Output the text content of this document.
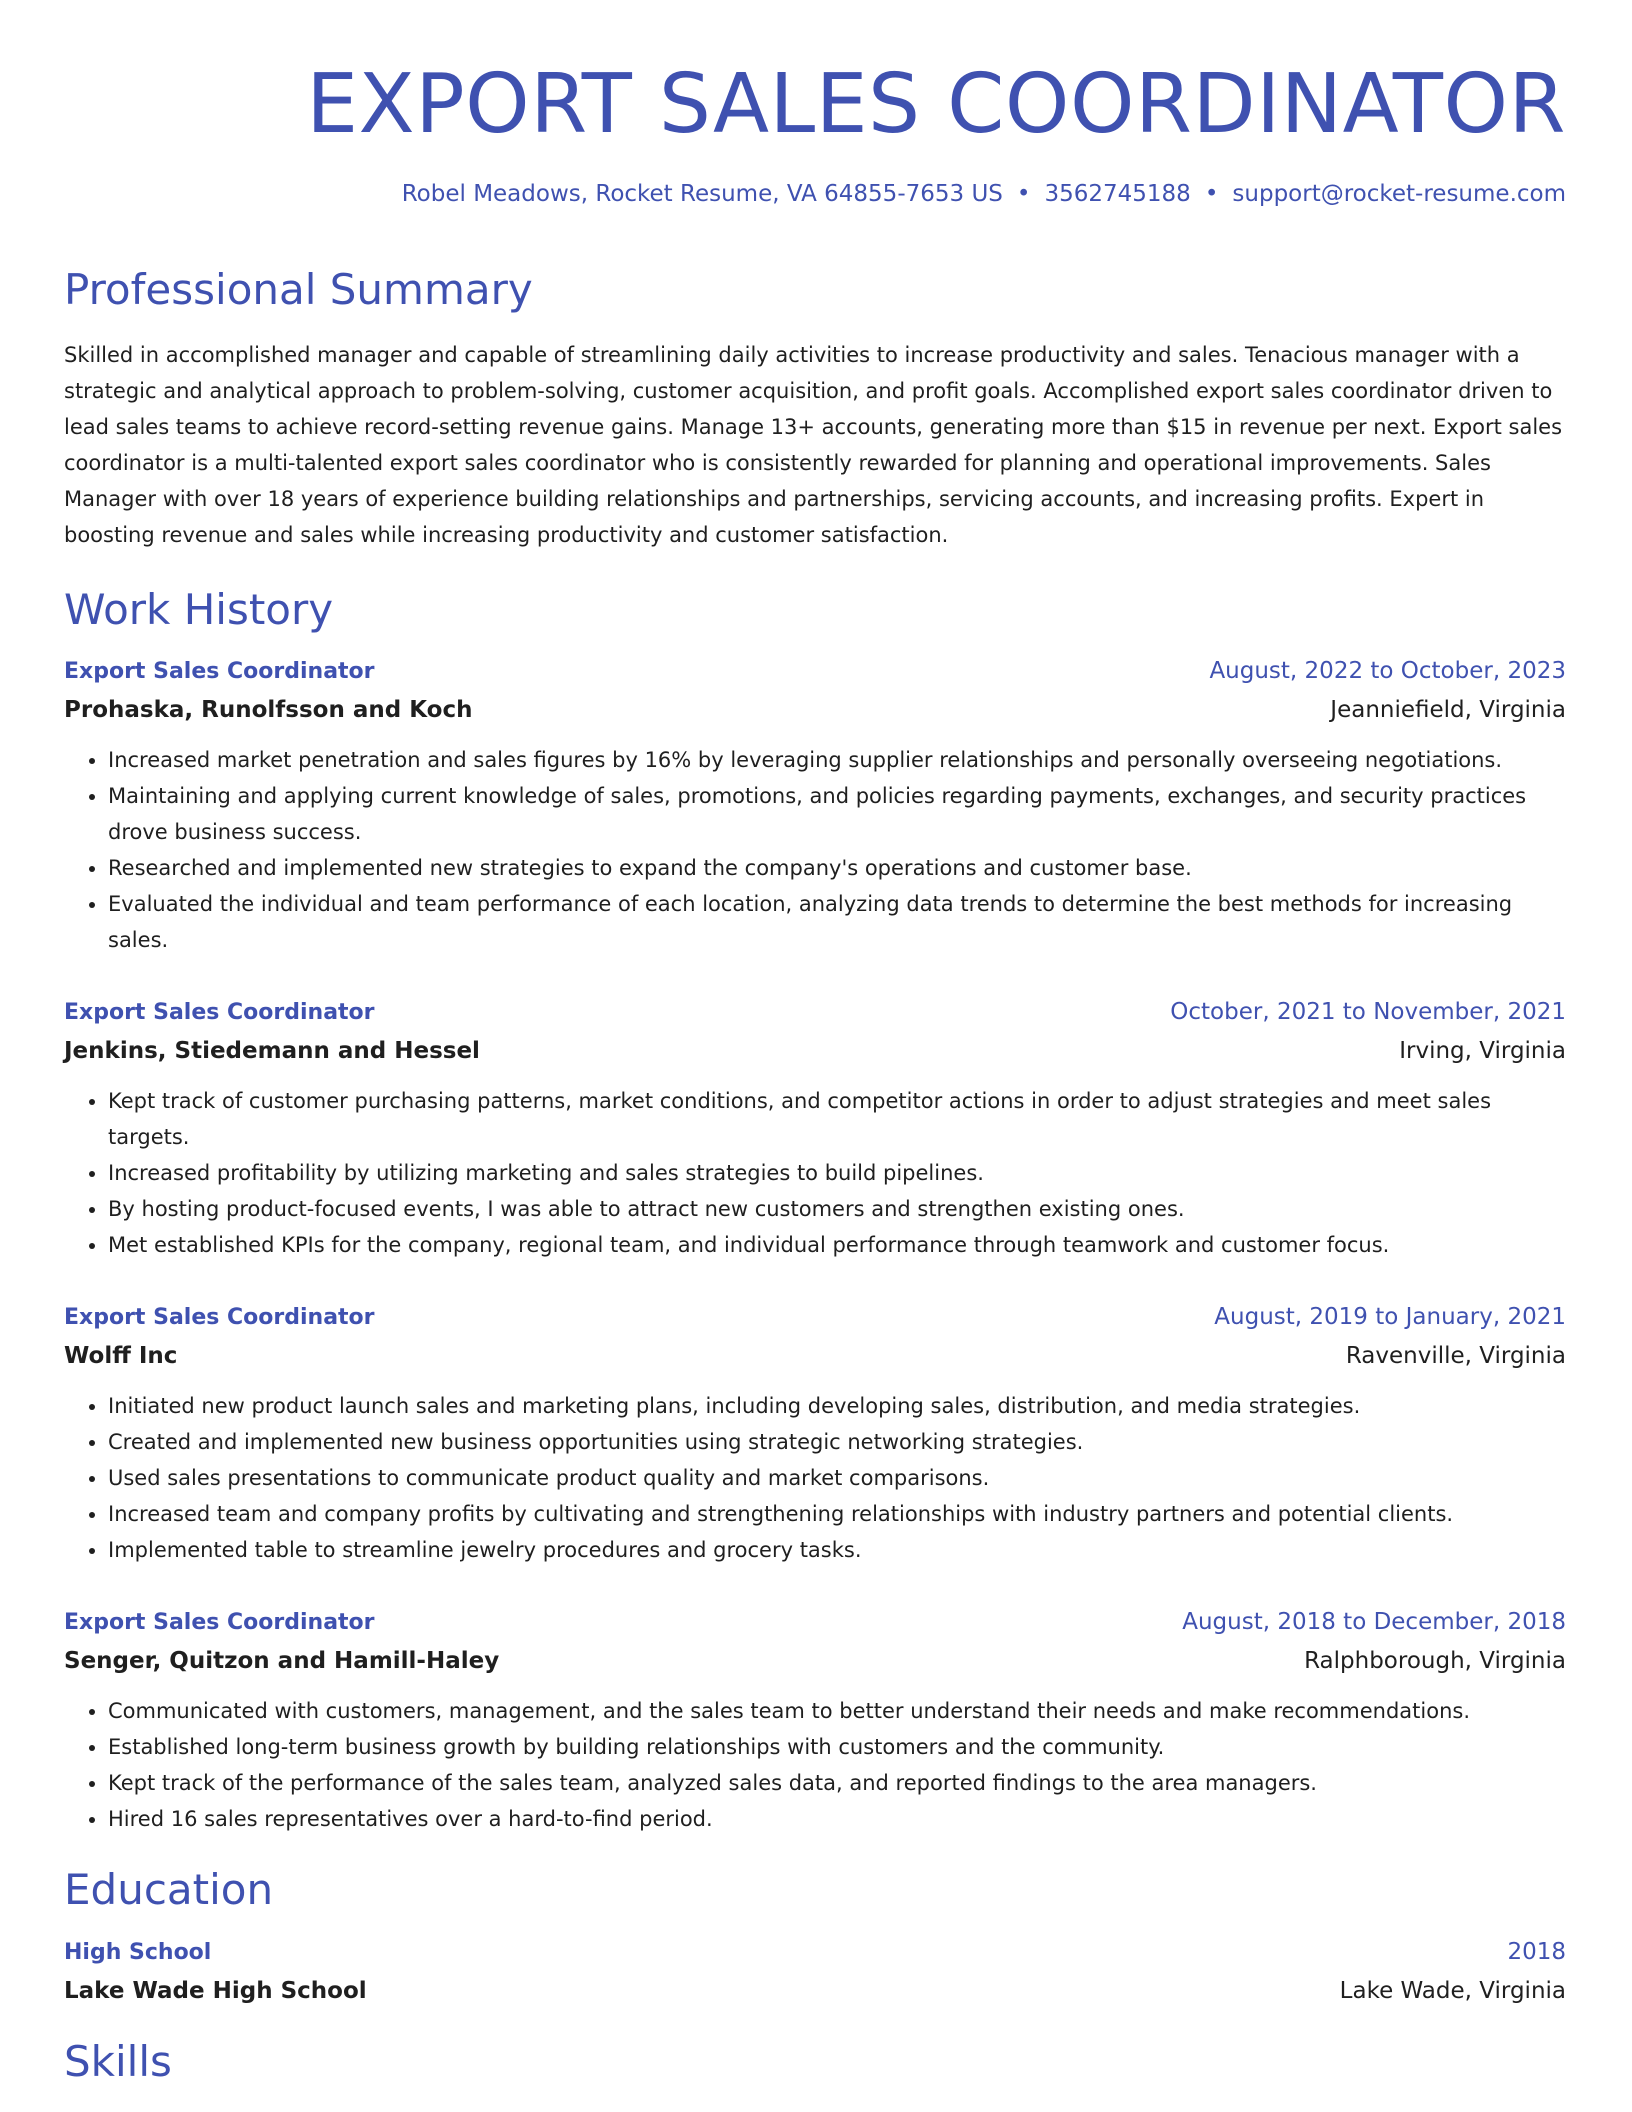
EXPORT SALES COORDINATOR
Robel Meadows, Rocket Resume, VA 64855-7653 US • 3562745188 • support@rocket-resume.com
Professional Summary
Skilled in accomplished manager and capable of streamlining daily activities to increase productivity and sales. Tenacious manager with a strategic and analytical approach to problem-solving, customer acquisition, and profit goals. Accomplished export sales coordinator driven to lead sales teams to achieve record-setting revenue gains. Manage 13+ accounts, generating more than $15 in revenue per next. Export sales coordinator is a multi-talented export sales coordinator who is consistently rewarded for planning and operational improvements. Sales Manager with over 18 years of experience building relationships and partnerships, servicing accounts, and increasing profits. Expert in boosting revenue and sales while increasing productivity and customer satisfaction.
Work History
Export Sales Coordinator	August, 2022 to October, 2023
Prohaska, Runolfsson and Koch	Jeanniefield, Virginia
• Increased market penetration and sales figures by 16% by leveraging supplier relationships and personally overseeing negotiations.
• Maintaining and applying current knowledge of sales, promotions, and policies regarding payments, exchanges, and security practices drove business success.
• Researched and implemented new strategies to expand the company's operations and customer base.
• Evaluated the individual and team performance of each location, analyzing data trends to determine the best methods for increasing sales.
Export Sales Coordinator	October, 2021 to November, 2021
Jenkins, Stiedemann and Hessel	Irving, Virginia
• Kept track of customer purchasing patterns, market conditions, and competitor actions in order to adjust strategies and meet sales targets.
• Increased profitability by utilizing marketing and sales strategies to build pipelines.
• By hosting product-focused events, I was able to attract new customers and strengthen existing ones.
• Met established KPIs for the company, regional team, and individual performance through teamwork and customer focus.
Export Sales Coordinator	August, 2019 to January, 2021
Wolff Inc	Ravenville, Virginia
• Initiated new product launch sales and marketing plans, including developing sales, distribution, and media strategies.
• Created and implemented new business opportunities using strategic networking strategies.
• Used sales presentations to communicate product quality and market comparisons.
• Increased team and company profits by cultivating and strengthening relationships with industry partners and potential clients.
• Implemented table to streamline jewelry procedures and grocery tasks.
Export Sales Coordinator	August, 2018 to December, 2018
Senger, Quitzon and Hamill-Haley	Ralphborough, Virginia
• Communicated with customers, management, and the sales team to better understand their needs and make recommendations.
• Established long-term business growth by building relationships with customers and the community.
• Kept track of the performance of the sales team, analyzed sales data, and reported findings to the area managers.
• Hired 16 sales representatives over a hard-to-find period.
Education
High School	2018
Lake Wade High School	Lake Wade, Virginia
Skills
